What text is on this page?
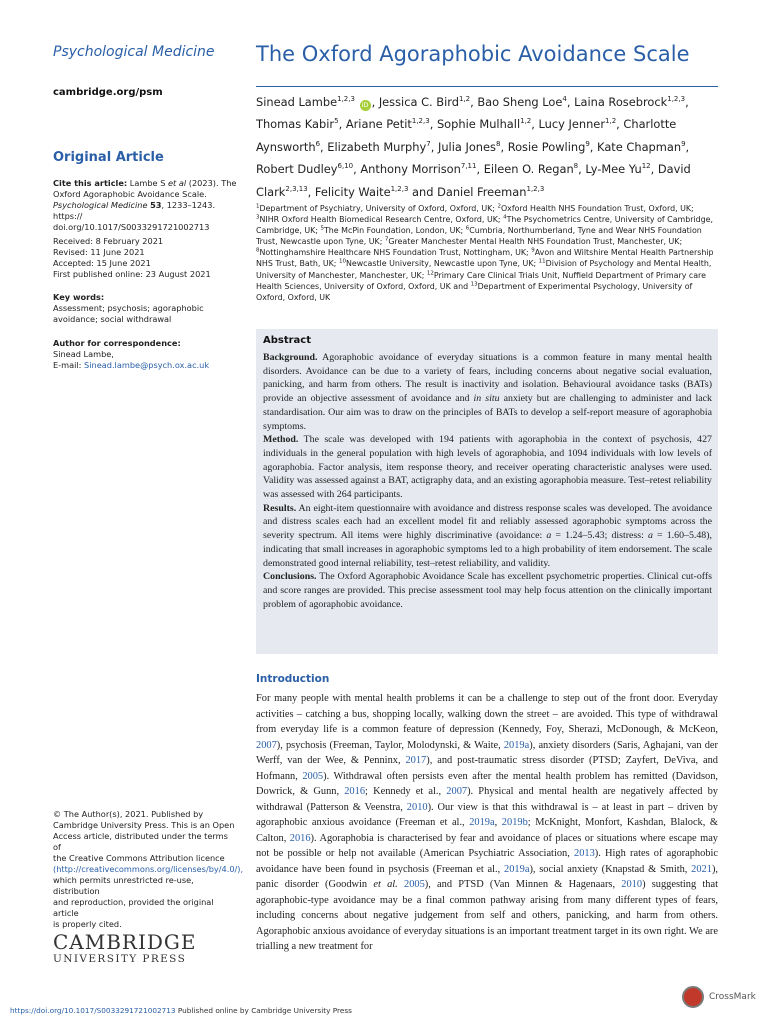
Psychological Medicine
cambridge.org/psm
Original Article
Cite this article: Lambe S et al (2023). The Oxford Agoraphobic Avoidance Scale. Psychological Medicine 53, 1233–1243. https:// doi.org/10.1017/S0033291721002713
Received: 8 February 2021
Revised: 11 June 2021
Accepted: 15 June 2021
First published online: 23 August 2021
Key words:
Assessment; psychosis; agoraphobic
avoidance; social withdrawal
Author for correspondence:
Sinead Lambe,
E-mail: Sinead.lambe@psych.ox.ac.uk
© The Author(s), 2021. Published by
Cambridge University Press. This is an Open
Access article, distributed under the terms of
the Creative Commons Attribution licence
(http://creativecommons.org/licenses/by/4.0/),
which permits unrestricted re-use, distribution
and reproduction, provided the original article
is properly cited.
CAMBRIDGE
UNIVERSITY PRESS
The Oxford Agoraphobic Avoidance Scale
Sinead Lambe$^{1,2,3}$ iD , Jessica C. Bird$^{1,2}$, Bao Sheng Loe$^4$, Laina Rosebrock$^{1,2,3}$, Thomas Kabir$^5$, Ariane Petit$^{1,2,3}$, Sophie Mulhall$^{1,2}$, Lucy Jenner$^{1,2}$, Charlotte Aynsworth$^6$, Elizabeth Murphy$^7$, Julia Jones$^8$, Rosie Powling$^9$, Kate Chapman$^9$, Robert Dudley$^{6,10}$, Anthony Morrison$^{7,11}$, Eileen O. Regan$^8$, Ly-Mee Yu$^{12}$, David Clark$^{2,3,13}$, Felicity Waite$^{1,2,3}$ and Daniel Freeman$^{1,2,3}$
$^1$Department of Psychiatry, University of Oxford, Oxford, UK; $^2$Oxford Health NHS Foundation Trust, Oxford, UK; $^3$NIHR Oxford Health Biomedical Research Centre, Oxford, UK; $^4$The Psychometrics Centre, University of Cambridge, Cambridge, UK; $^5$The McPin Foundation, London, UK; $^6$Cumbria, Northumberland, Tyne and Wear NHS Foundation Trust, Newcastle upon Tyne, UK; $^7$Greater Manchester Mental Health NHS Foundation Trust, Manchester, UK; $^8$Nottinghamshire Healthcare NHS Foundation Trust, Nottingham, UK; $^9$Avon and Wiltshire Mental Health Partnership NHS Trust, Bath, UK; $^{10}$Newcastle University, Newcastle upon Tyne, UK; $^{11}$Division of Psychology and Mental Health, University of Manchester, Manchester, UK; $^{12}$Primary Care Clinical Trials Unit, Nuffield Department of Primary care Health Sciences, University of Oxford, Oxford, UK and $^{13}$Department of Experimental Psychology, University of Oxford, Oxford, UK
Abstract

Background. Agoraphobic avoidance of everyday situations is a common feature in many mental health disorders. Avoidance can be due to a variety of fears, including concerns about negative social evaluation, panicking, and harm from others. The result is inactivity and isolation. Behavioural avoidance tasks (BATs) provide an objective assessment of avoidance and in situ anxiety but are challenging to administer and lack standardisation. Our aim was to draw on the principles of BATs to develop a self-report measure of agoraphobia symptoms.

Method. The scale was developed with 194 patients with agoraphobia in the context of psychosis, 427 individuals in the general population with high levels of agoraphobia, and 1094 individuals with low levels of agoraphobia. Factor analysis, item response theory, and receiver operating characteristic analyses were used. Validity was assessed against a BAT, actigraphy data, and an existing agoraphobia measure. Test–retest reliability was assessed with 264 participants.

Results. An eight-item questionnaire with avoidance and distress response scales was developed. The avoidance and distress scales each had an excellent model fit and reliably assessed agoraphobic symptoms across the severity spectrum. All items were highly discriminative (avoidance: a = 1.24–5.43; distress: a = 1.60–5.48), indicating that small increases in agoraphobic symptoms led to a high probability of item endorsement. The scale demonstrated good internal reliability, test–retest reliability, and validity.

Conclusions. The Oxford Agoraphobic Avoidance Scale has excellent psychometric properties. Clinical cut-offs and score ranges are provided. This precise assessment tool may help focus attention on the clinically important problem of agoraphobic avoidance.

Introduction

For many people with mental health problems it can be a challenge to step out of the front door. Everyday activities – catching a bus, shopping locally, walking down the street – are avoided. This type of withdrawal from everyday life is a common feature of depression (Kennedy, Foy, Sherazi, McDonough, & McKeon, 2007), psychosis (Freeman, Taylor, Molodynski, & Waite, 2019a), anxiety disorders (Saris, Aghajani, van der Werff, van der Wee, & Penninx, 2017), and post-traumatic stress disorder (PTSD; Zayfert, DeViva, and Hofmann, 2005). Withdrawal often persists even after the mental health problem has remitted (Davidson, Dowrick, & Gunn, 2016; Kennedy et al., 2007). Physical and mental health are negatively affected by withdrawal (Patterson & Veenstra, 2010). Our view is that this withdrawal is – at least in part – driven by agoraphobic anxious avoidance (Freeman et al., 2019a, 2019b; McKnight, Monfort, Kashdan, Blalock, & Calton, 2016). Agoraphobia is characterised by fear and avoidance of places or situations where escape may not be possible or help not available (American Psychiatric Association, 2013). High rates of agoraphobic avoidance have been found in psychosis (Freeman et al., 2019a), social anxiety (Knapstad & Smith, 2021), panic disorder (Goodwin et al. 2005), and PTSD (Van Minnen & Hagenaars, 2010) suggesting that agoraphobic-type avoidance may be a final common pathway arising from many different types of fears, including concerns about negative judgement from self and others, panicking, and harm from others. Agoraphobic anxious avoidance of everyday situations is an important treatment target in its own right. We are trialling a new treatment for

https://doi.org/10.1017/S0033291721002713 Published online by Cambridge University Press
CrossMark
